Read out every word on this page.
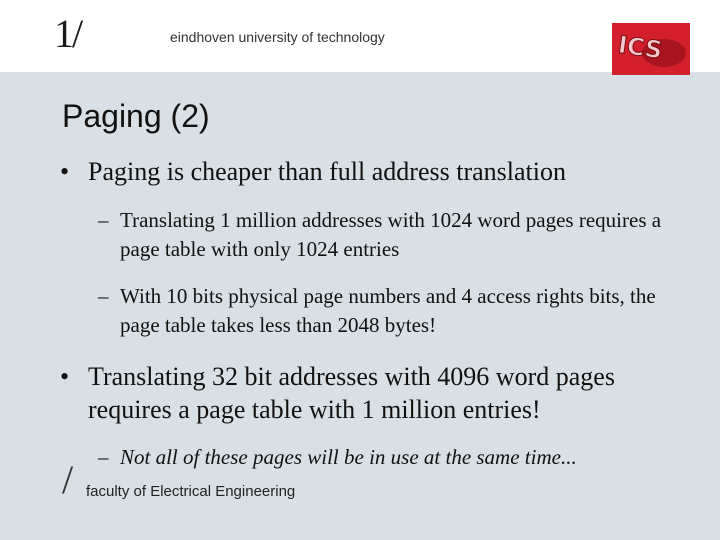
1/	eindhoven university of technology	ICS
Paging (2)
• Paging is cheaper than full address translation
– Translating 1 million addresses with 1024 word pages requires a page table with only 1024 entries
– With 10 bits physical page numbers and 4 access rights bits, the page table takes less than 2048 bytes!
• Translating 32 bit addresses with 4096 word pages requires a page table with 1 million entries!
– Not all of these pages will be in use at the same time...
/ faculty of Electrical Engineering
